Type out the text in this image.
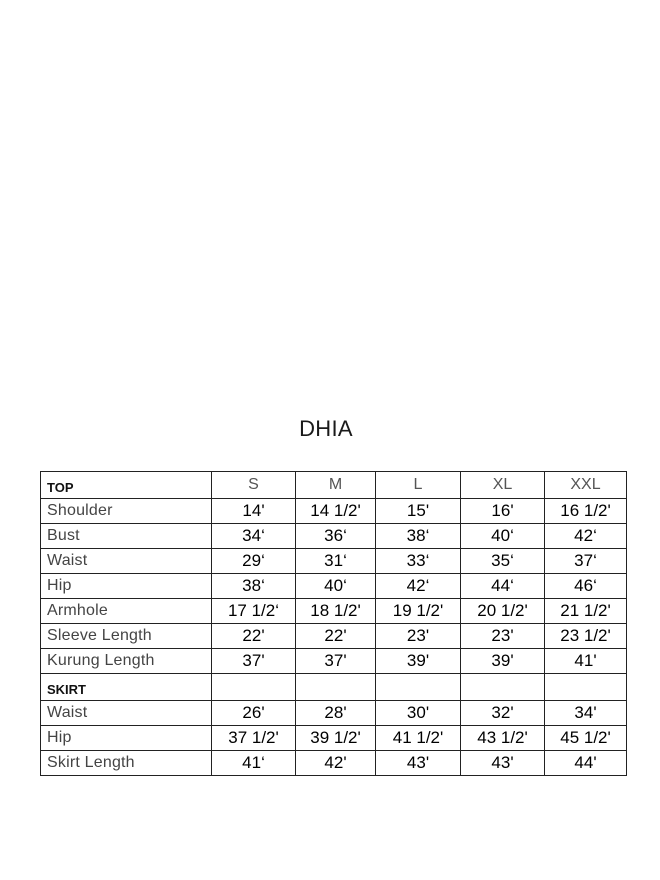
DHIA
TOP	S	M	L	XL	XXL
Shoulder	14'	14 1/2'	15'	16'	16 1/2'
Bust	34‘	36‘	38‘	40‘	42‘
Waist	29‘	31‘	33‘	35‘	37‘
Hip	38‘	40‘	42‘	44‘	46‘
Armhole	17 1/2‘	18 1/2'	19 1/2'	20 1/2'	21 1/2'
Sleeve Length	22'	22'	23'	23'	23 1/2'
Kurung Length	37'	37'	39'	39'	41'
SKIRT					
Waist	26'	28'	30'	32'	34'
Hip	37 1/2'	39 1/2'	41 1/2'	43 1/2'	45 1/2'
Skirt Length	41‘	42'	43'	43'	44'
